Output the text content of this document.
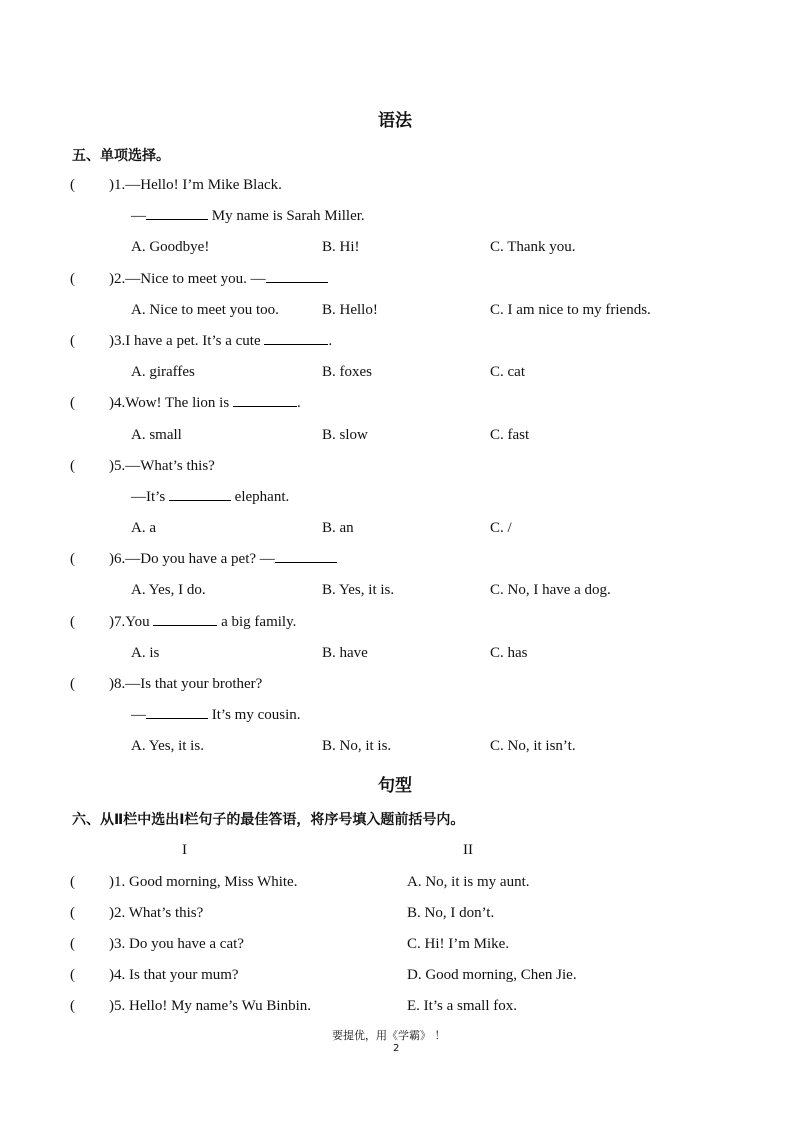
语法
五、单项选择。
( )1.—Hello! I’m Mike Black.
—	My name is Sarah Miller.
A. Goodbye!	B. Hi!	C. Thank you.
( )2.—Nice to meet you. —
A. Nice to meet you too.	B. Hello!	C. I am nice to my friends.
( )3.I have a pet. It’s a cute	.
A. giraffes	B. foxes	C. cat
( )4.Wow! The lion is	.
A. small	B. slow	C. fast
( )5.—What’s this?
—It’s	elephant.
A. a	B. an	C. /
( )6.—Do you have a pet? —
A. Yes, I do.	B. Yes, it is.	C. No, I have a dog.
( )7.You	a big family.
A. is	B. have	C. has
( )8.—Is that your brother?
—	It’s my cousin.
A. Yes, it is.	B. No, it is.	C. No, it isn’t.
句型
六、从Ⅱ栏中选出Ⅰ栏句子的最佳答语，将序号填入题前括号内。
I	II
( )1. Good morning, Miss White.	A. No, it is my aunt.
( )2. What’s this?	B. No, I don’t.
( )3. Do you have a cat?	C. Hi! I’m Mike.
( )4. Is that your mum?	D. Good morning, Chen Jie.
( )5. Hello! My name’s Wu Binbin.	E. It’s a small fox.
要提优，用《学霸》 ！
2
